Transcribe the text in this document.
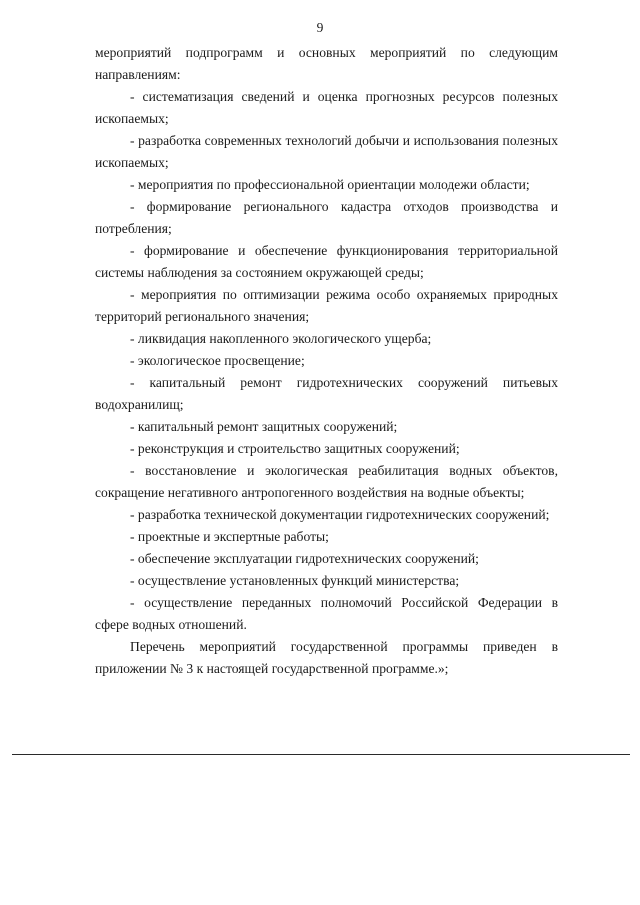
9

мероприятий подпрограмм и основных мероприятий по следующим направлениям:

- систематизация сведений и оценка прогнозных ресурсов полезных ископаемых;

- разработка современных технологий добычи и использования полезных ископаемых;

- мероприятия по профессиональной ориентации молодежи области;

- формирование регионального кадастра отходов производства и потребления;

- формирование и обеспечение функционирования территориальной системы наблюдения за состоянием окружающей среды;

- мероприятия по оптимизации режима особо охраняемых природных территорий регионального значения;

- ликвидация накопленного экологического ущерба;

- экологическое просвещение;

- капитальный ремонт гидротехнических сооружений питьевых водохранилищ;

- капитальный ремонт защитных сооружений;

- реконструкция и строительство защитных сооружений;

- восстановление и экологическая реабилитация водных объектов, сокращение негативного антропогенного воздействия на водные объекты;

- разработка технической документации гидротехнических сооружений;

- проектные и экспертные работы;

- обеспечение эксплуатации гидротехнических сооружений;

- осуществление установленных функций министерства;

- осуществление переданных полномочий Российской Федерации в сфере водных отношений.

Перечень мероприятий государственной программы приведен в приложении № 3 к настоящей государственной программе.»;
